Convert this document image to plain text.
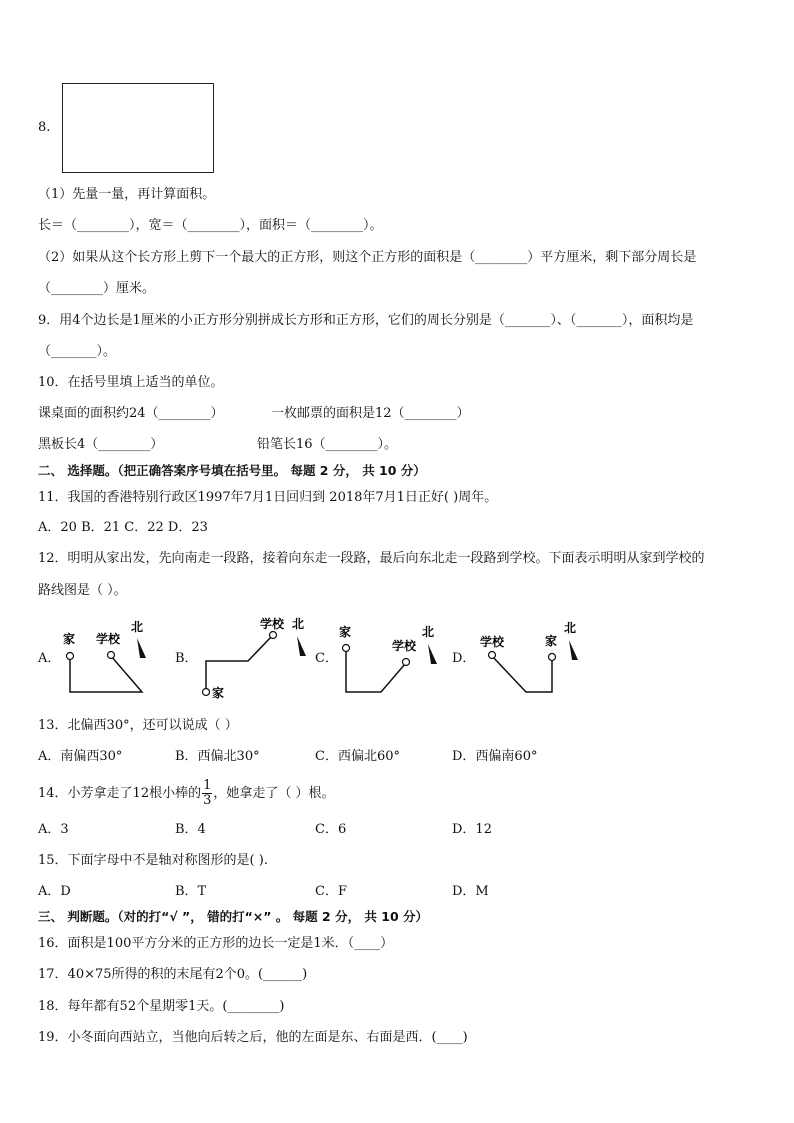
8.
（1）先量一量，再计算面积。
长＝（________），宽＝（________），面积＝（________）。
（2）如果从这个长方形上剪下一个最大的正方形，则这个正方形的面积是（________）平方厘米，剩下部分周长是
（________）厘米。
9．用4个边长是1厘米的小正方形分别拼成长方形和正方形，它们的周长分别是（_______）、（_______），面积均是
（_______）。
10．在括号里填上适当的单位。
课桌面的面积约24（________）	一枚邮票的面积是12（________）
黑板长4（________）	铅笔长16（________）。
二、 选择题。（把正确答案序号填在括号里。 每题 2 分， 共 10 分）
11．我国的香港特别行政区1997年7月1日回归到 2018年7月1日正好( )周年。
A．20 B．21 C．22 D．23
12．明明从家出发，先向南走一段路，接着向东走一段路，最后向东北走一段路到学校。下面表示明明从家到学校的
路线图是（ ）。
A．	B．	C．	D．
家 学校
北
家
学校 北
家
学校
北
学校	家
北
13．北偏西30°，还可以说成（ ）
A．南偏西30°	B．西偏北30°	C．西偏北60°	D．西偏南60°
14．小芳拿走了12根小棒的 $\frac{1}{3}$ ，她拿走了（ ）根。
A．3	B．4	C．6	D．12
15．下面字母中不是轴对称图形的是( ).
A．D	B．T	C．F	D．M
三、 判断题。（对的打“√ ”， 错的打“×” 。 每题 2 分， 共 10 分）
16．面积是100平方分米的正方形的边长一定是1米．（____）
17．40×75所得的积的末尾有2个0。(______)
18．每年都有52个星期零1天。(________)
19．小冬面向西站立，当他向后转之后，他的左面是东、右面是西．(____)
